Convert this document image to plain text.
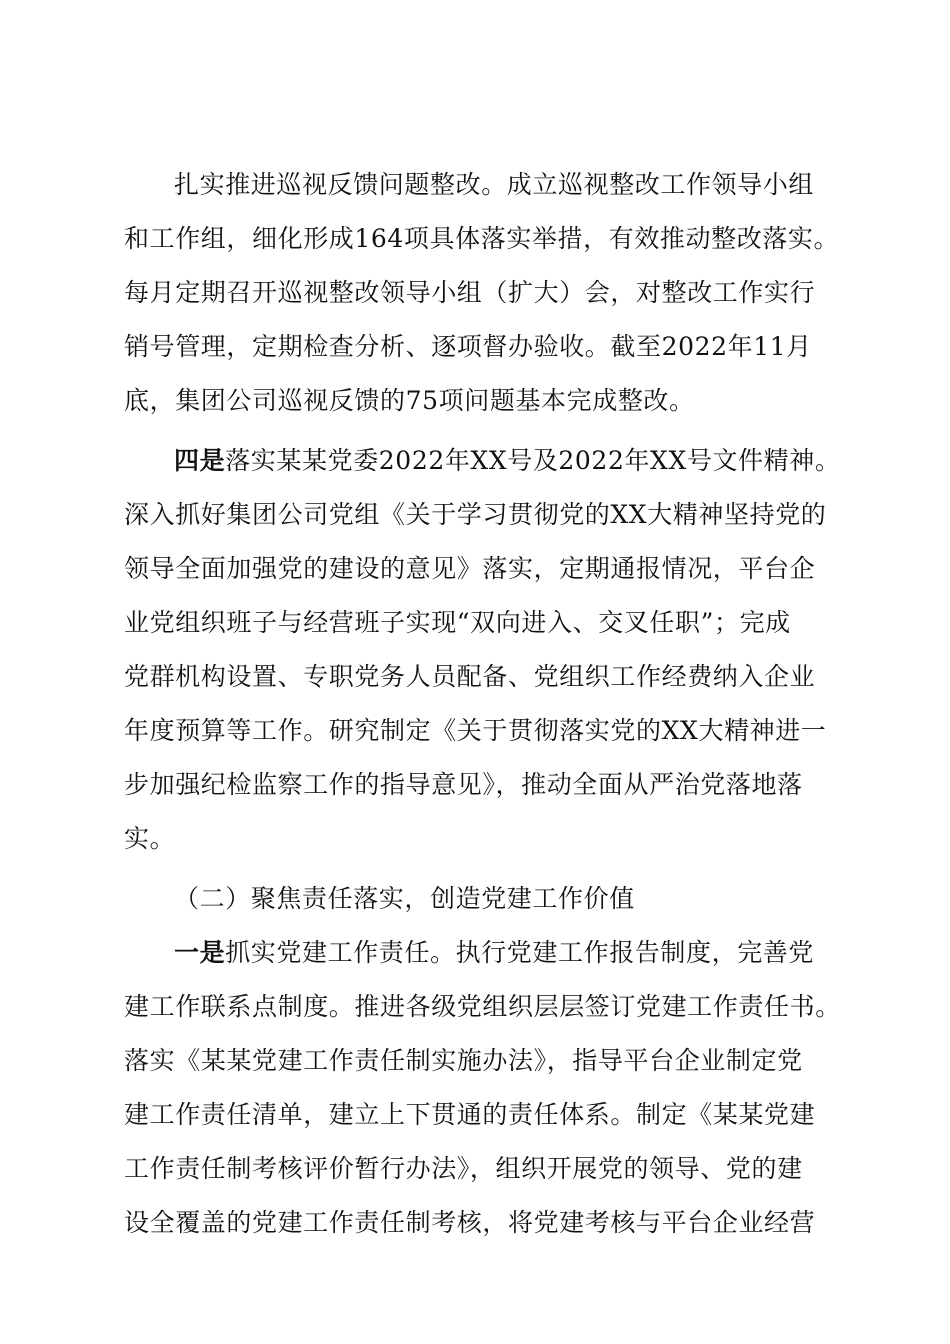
扎实推进巡视反馈问题整改。成立巡视整改工作领导小组
和工作组，细化形成164项具体落实举措，有效推动整改落实。
每月定期召开巡视整改领导小组（扩大）会，对整改工作实行
销号管理，定期检查分析、逐项督办验收。截至2022年11月
底，集团公司巡视反馈的75项问题基本完成整改。
四是落实某某党委2022年XX号及2022年XX号文件精神。
深入抓好集团公司党组《关于学习贯彻党的XX大精神坚持党的
领导全面加强党的建设的意见》落实，定期通报情况，平台企
业党组织班子与经营班子实现“双向进入、交叉任职”；完成
党群机构设置、专职党务人员配备、党组织工作经费纳入企业
年度预算等工作。研究制定《关于贯彻落实党的XX大精神进一
步加强纪检监察工作的指导意见》，推动全面从严治党落地落
实。
（二）聚焦责任落实，创造党建工作价值
一是抓实党建工作责任。执行党建工作报告制度，完善党
建工作联系点制度。推进各级党组织层层签订党建工作责任书。
落实《某某党建工作责任制实施办法》，指导平台企业制定党
建工作责任清单，建立上下贯通的责任体系。制定《某某党建
工作责任制考核评价暂行办法》，组织开展党的领导、党的建
设全覆盖的党建工作责任制考核，将党建考核与平台企业经营
